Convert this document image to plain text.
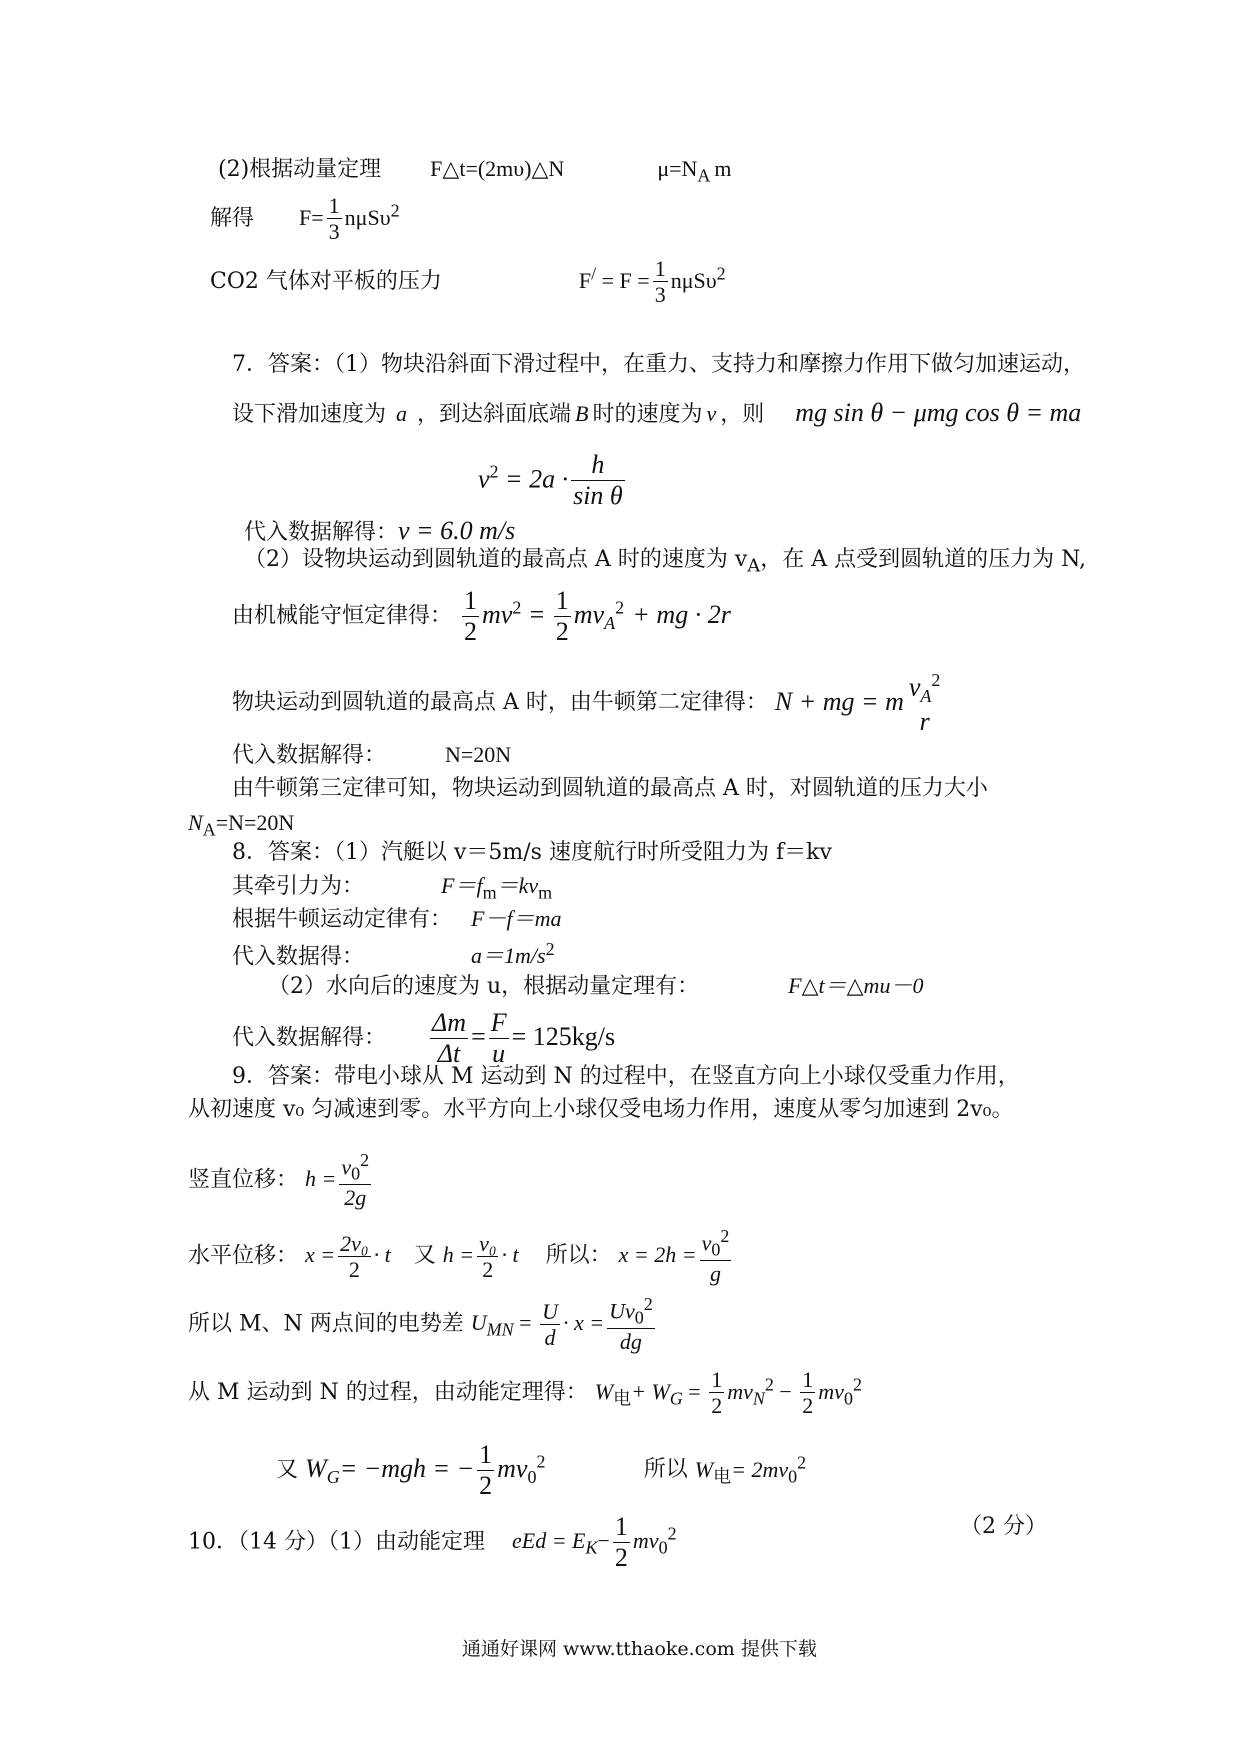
(2)根据动量定理 F△t=(2mυ)△N	$\mu=N_A$ m
解得 $F= \frac{1}{3} n\mu S\upsilon^2$
CO2 气体对平板的压力	$F^/ = F = \frac{1}{3} n\mu S\upsilon^2$
7．答案：（1）物块沿斜面下滑过程中，在重力、支持力和摩擦力作用下做匀加速运动，
设下滑加速度为 a ，到达斜面底端 B 时的速度为 v ，则 mg sin θ − μmg cos θ = ma
$v^2 = 2a \cdot \frac{h}{\text{sin θ}}$
代入数据解得：v = 6.0 m/s
（2）设物块运动到圆轨道的最高点 A 时的速度为 $v_A$，在 A 点受到圆轨道的压力为 N,
由机械能守恒定律得： $\frac{1}{2} mv^2 = \frac{1}{2} mv_A^2$ + mg · 2r
物块运动到圆轨道的最高点 A 时，由牛顿第二定律得： N + mg = m
$v_A^2$
r
代入数据解得：	N=20N
由牛顿第三定律可知，物块运动到圆轨道的最高点 A 时，对圆轨道的压力大小
$N_A=N=20N$
8．答案：（1）汽艇以 v＝5m/s 速度航行时所受阻力为 f＝kv
其牵引力为：	$F=f_m=kv_m$
根据牛顿运动定律有： F－f＝ma
代入数据得：	$a=1m/s^2$
（2）水向后的速度为 u，根据动量定理有：	F△t＝△mu－0
代入数据解得： $\frac{\Delta m}{\Delta t} = \frac{F}{u} = 125kg/s$
9．答案：带电小球从 M 运动到 N 的过程中，在竖直方向上小球仅受重力作用，
从初速度 v₀ 匀减速到零。水平方向上小球仅受电场力作用，速度从零匀加速到 2v₀。
竖直位移： $h = \frac{v_0^2}{2g}$
水平位移： $x = \frac{\text{2v₀}}{2} \cdot t$ 又 $h = \frac{\text{v₀}}{2} \cdot t$ 所以： $x = 2h = \frac{v_0^2}{g}$
所以 M、N 两点间的电势差 $U_{MN} = \frac{U}{d} \cdot x = \frac{Uv_0^2}{dg}$
从 M 运动到 N 的过程，由动能定理得： $W_电+ W_G = \frac{1}{2} mv_N^2 - \frac{1}{2} mv_0^2$
又 $W_G= -mgh$ = − $\frac{1}{2} mv_0^2$	所以 $W_电= 2mv_0^2$
10．（14 分）（1）由动能定理 eEd = $E_K- \frac{1}{2} mv_0^2$	（2 分）
通通好课网 www.tthaoke.com 提供下载
